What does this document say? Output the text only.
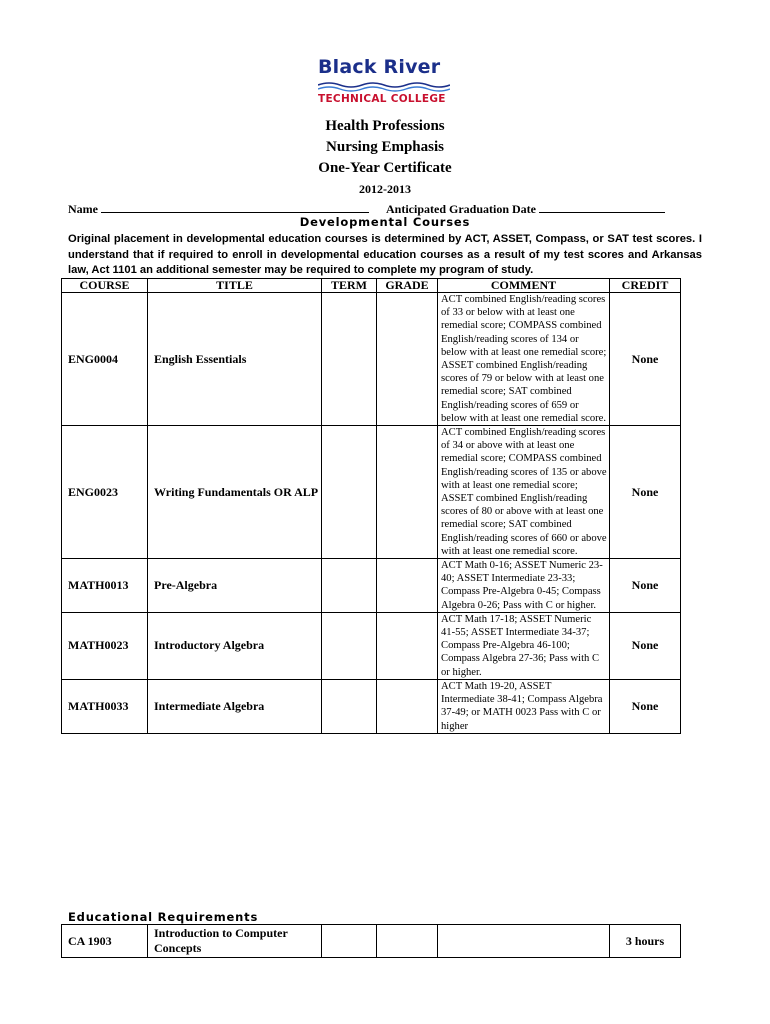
Black River
TECHNICAL COLLEGE
Health Professions
Nursing Emphasis
One-Year Certificate
2012-2013
Name	Anticipated Graduation Date
Developmental Courses
Original placement in developmental education courses is determined by ACT, ASSET, Compass, or SAT test scores. I understand that if required to enroll in developmental education courses as a result of my test scores and Arkansas law, Act 1101 an additional semester may be required to complete my program of study.
COURSE	TITLE	TERM	GRADE	COMMENT	CREDIT
ENG0004	English Essentials			ACT combined English/reading scores of 33 or below with at least one remedial score; COMPASS combined English/reading scores of 134 or below with at least one remedial score; ASSET combined English/reading scores of 79 or below with at least one remedial score; SAT combined English/reading scores of 659 or below with at least one remedial score.	None
ENG0023	Writing Fundamentals OR ALP			ACT combined English/reading scores of 34 or above with at least one remedial score; COMPASS combined English/reading scores of 135 or above with at least one remedial score; ASSET combined English/reading scores of 80 or above with at least one remedial score; SAT combined English/reading scores of 660 or above with at least one remedial score.	None
MATH0013	Pre-Algebra			ACT Math 0-16; ASSET Numeric 23-40; ASSET Intermediate 23-33; Compass Pre-Algebra 0-45; Compass Algebra 0-26; Pass with C or higher.	None
MATH0023	Introductory Algebra			ACT Math 17-18; ASSET Numeric 41-55; ASSET Intermediate 34-37; Compass Pre-Algebra 46-100; Compass Algebra 27-36; Pass with C or higher.	None
MATH0033	Intermediate Algebra			ACT Math 19-20, ASSET Intermediate 38-41; Compass Algebra 37-49; or MATH 0023 Pass with C or higher	None
Educational Requirements
CA 1903	Introduction to Computer Concepts				3 hours
